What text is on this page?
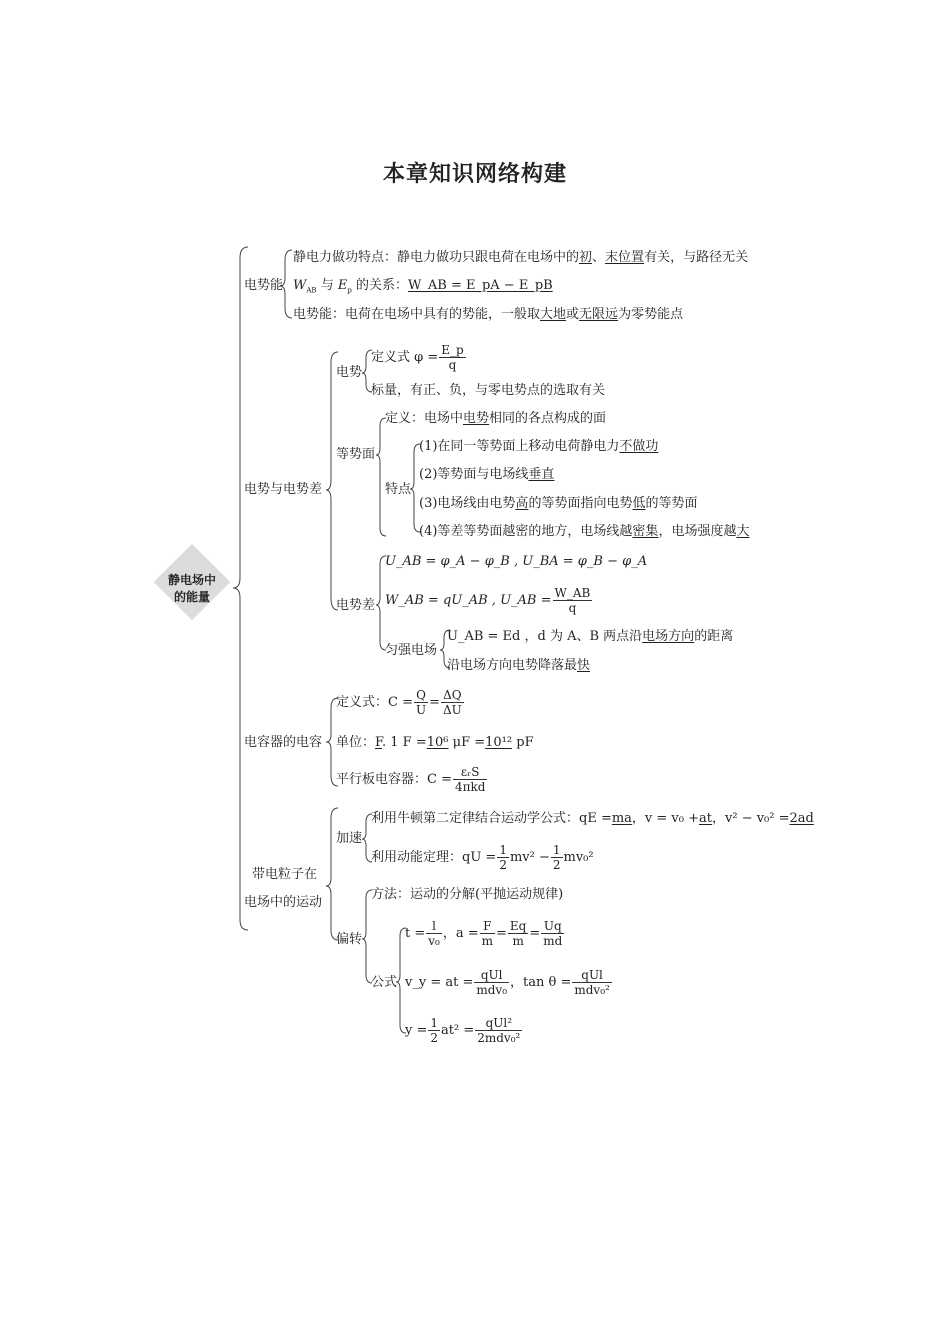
本章知识网络构建
静电场中
的能量
电势能
静电力做功特点：静电力做功只跟电荷在电场中的初、末位置有关，与路径无关
$W_{AB}$ 与 $E_p$ 的关系：W_AB = E_pA − E_pB
电势能：电荷在电场中具有的势能，一般取大地或无限远为零势能点
电势与电势差
电势
定义式 $\varphi = \frac{E\_p}{q}$
标量，有正、负，与零电势点的选取有关
等势面
定义：电场中电势相同的各点构成的面
特点
(1)在同一等势面上移动电荷静电力不做功
(2)等势面与电场线垂直
(3)电场线由电势高的等势面指向电势低的等势面
(4)等差等势面越密的地方，电场线越密集，电场强度越大
电势差
U_AB = φ_A − φ_B , U_BA = φ_B − φ_A
W_AB = qU_AB , U_AB = $\frac{W\_AB}{q}$
匀强电场
U_AB = Ed ，d 为 A、B 两点沿电场方向的距离
沿电场方向电势降落最快
电容器的电容
定义式：$C = \frac{Q}{U} = \frac{\Delta Q}{\Delta U}$
单位：F. 1 F =10⁶ μF =10¹² pF
平行板电容器：$C = \frac{\text{εᵣS}}{\text{4πkd}}$
带电粒子在
电场中的运动
加速
利用牛顿第二定律结合运动学公式：qE =ma，v = v₀ +at，v² − v₀² =2ad
利用动能定理：qU = $\frac{1}{2} mv^2 - \frac{1}{2} mv_0^2$
偏转
方法：运动的分解(平抛运动规律)
公式
$t = \frac{l}{\text{v₀}}$ ，$a = \frac{F}{m} = \frac{Eq}{m} = \frac{Uq}{md}$
v_y = at = $\frac{\text{qUl}}{\text{mdv₀}}$ ，$\tan \theta = \frac{\text{qUl}}{\text{mdv₀²}}$
$y = \frac{1}{2} at^2 = \frac{\text{qUl²}}{\text{2mdv₀²}}$
